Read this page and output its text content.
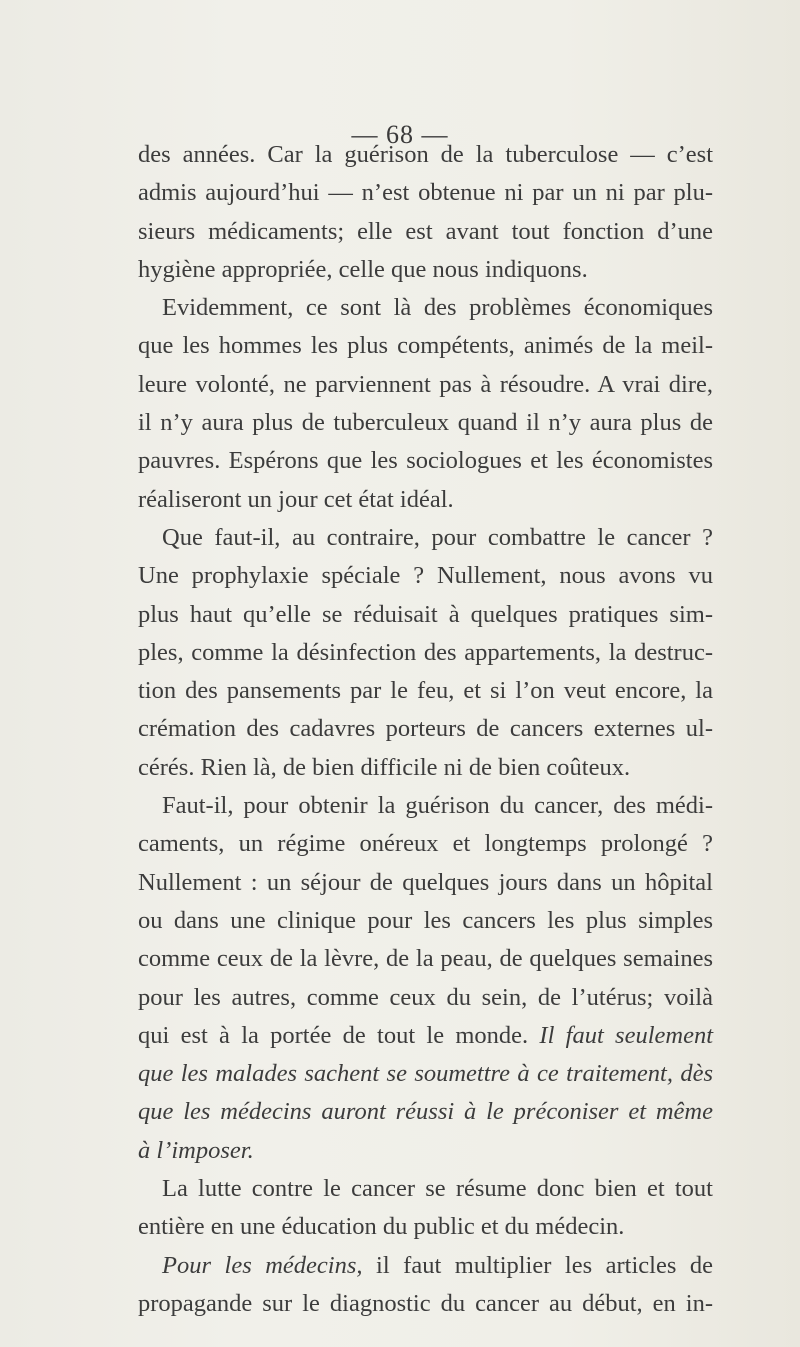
— 68 —
des années. Car la guérison de la tuberculose — c’est
admis aujourd’hui — n’est obtenue ni par un ni par plu-
sieurs médicaments; elle est avant tout fonction d’une
hygiène appropriée, celle que nous indiquons.
Evidemment, ce sont là des problèmes économiques
que les hommes les plus compétents, animés de la meil-
leure volonté, ne parviennent pas à résoudre. A vrai dire,
il n’y aura plus de tuberculeux quand il n’y aura plus de
pauvres. Espérons que les sociologues et les économistes
réaliseront un jour cet état idéal.
Que faut-il, au contraire, pour combattre le cancer ?
Une prophylaxie spéciale ? Nullement, nous avons vu
plus haut qu’elle se réduisait à quelques pratiques sim-
ples, comme la désinfection des appartements, la destruc-
tion des pansements par le feu, et si l’on veut encore, la
crémation des cadavres porteurs de cancers externes ul-
cérés. Rien là, de bien difficile ni de bien coûteux.
Faut-il, pour obtenir la guérison du cancer, des médi-
caments, un régime onéreux et longtemps prolongé ?
Nullement : un séjour de quelques jours dans un hôpital
ou dans une clinique pour les cancers les plus simples
comme ceux de la lèvre, de la peau, de quelques semaines
pour les autres, comme ceux du sein, de l’utérus; voilà
qui est à la portée de tout le monde. Il faut seulement
que les malades sachent se soumettre à ce traitement, dès
que les médecins auront réussi à le préconiser et même
à l’imposer.
La lutte contre le cancer se résume donc bien et tout
entière en une éducation du public et du médecin.
Pour les médecins, il faut multiplier les articles de
propagande sur le diagnostic du cancer au début, en in-
